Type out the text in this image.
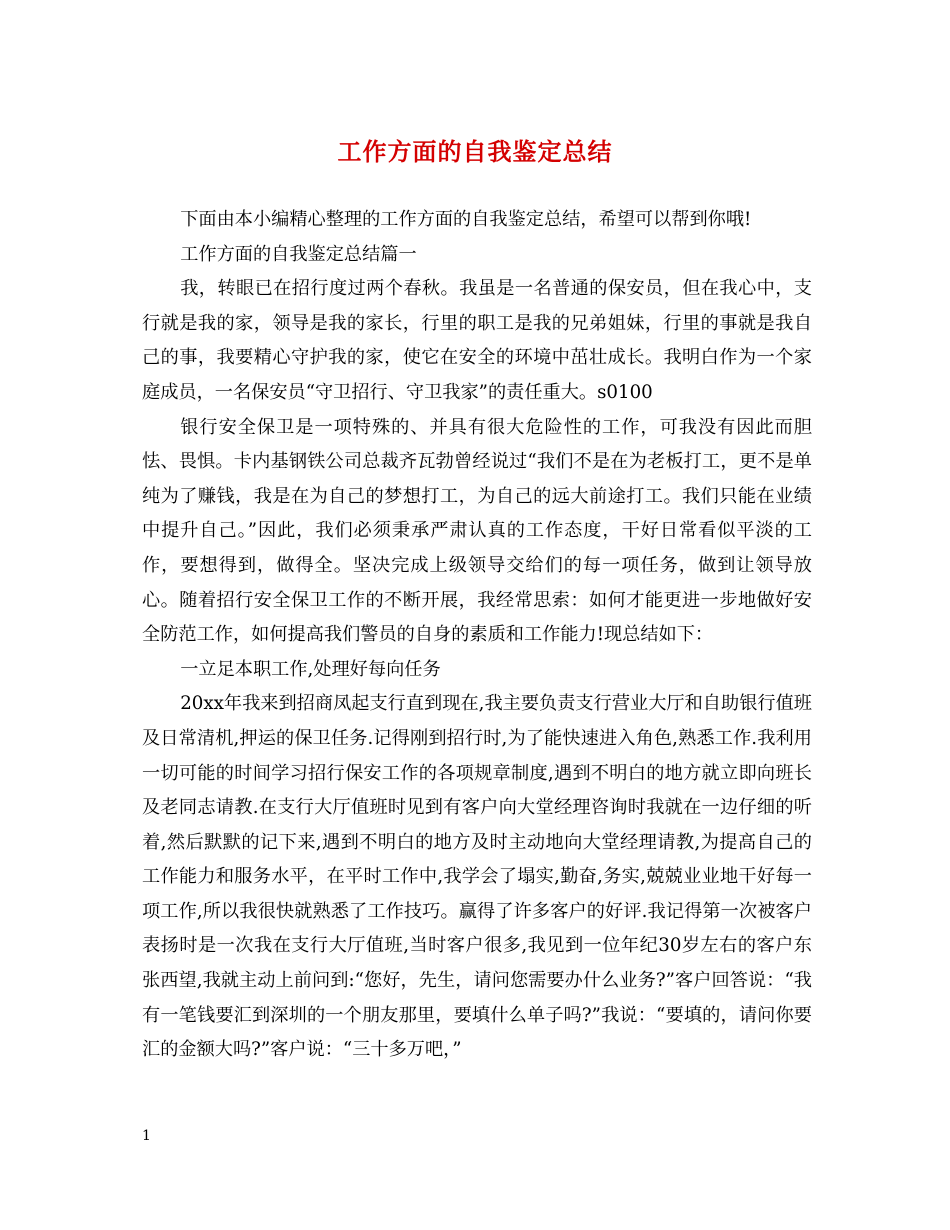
工作方面的自我鉴定总结

下面由本小编精心整理的工作方面的自我鉴定总结，希望可以帮到你哦!

工作方面的自我鉴定总结篇一

我，转眼已在招行度过两个春秋。我虽是一名普通的保安员，但在我心中，支行就是我的家，领导是我的家长，行里的职工是我的兄弟姐妹，行里的事就是我自己的事，我要精心守护我的家，使它在安全的环境中茁壮成长。我明白作为一个家庭成员，一名保安员“守卫招行、守卫我家”的责任重大。s0100

银行安全保卫是一项特殊的、并具有很大危险性的工作，可我没有因此而胆怯、畏惧。卡内基钢铁公司总裁齐瓦勃曾经说过“我们不是在为老板打工，更不是单纯为了赚钱，我是在为自己的梦想打工，为自己的远大前途打工。我们只能在业绩中提升自己。”因此，我们必须秉承严肃认真的工作态度，干好日常看似平淡的工作，要想得到，做得全。坚决完成上级领导交给们的每一项任务，做到让领导放心。随着招行安全保卫工作的不断开展，我经常思索：如何才能更进一步地做好安全防范工作，如何提高我们警员的自身的素质和工作能力!现总结如下：

一立足本职工作,处理好每向任务

20xx年我来到招商凤起支行直到现在,我主要负责支行营业大厅和自助银行值班及日常清机,押运的保卫任务.记得刚到招行时,为了能快速进入角色,熟悉工作.我利用一切可能的时间学习招行保安工作的各项规章制度,遇到不明白的地方就立即向班长及老同志请教.在支行大厅值班时见到有客户向大堂经理咨询时我就在一边仔细的听着,然后默默的记下来,遇到不明白的地方及时主动地向大堂经理请教,为提高自己的工作能力和服务水平，在平时工作中,我学会了塌实,勤奋,务实,兢兢业业地干好每一项工作,所以我很快就熟悉了工作技巧。赢得了许多客户的好评.我记得第一次被客户表扬时是一次我在支行大厅值班,当时客户很多,我见到一位年纪30岁左右的客户东张西望,我就主动上前问到:“您好，先生，请问您需要办什么业务?”客户回答说：“我有一笔钱要汇到深圳的一个朋友那里，要填什么单子吗?”我说：“要填的，请问你要汇的金额大吗?”客户说：“三十多万吧，”

1
